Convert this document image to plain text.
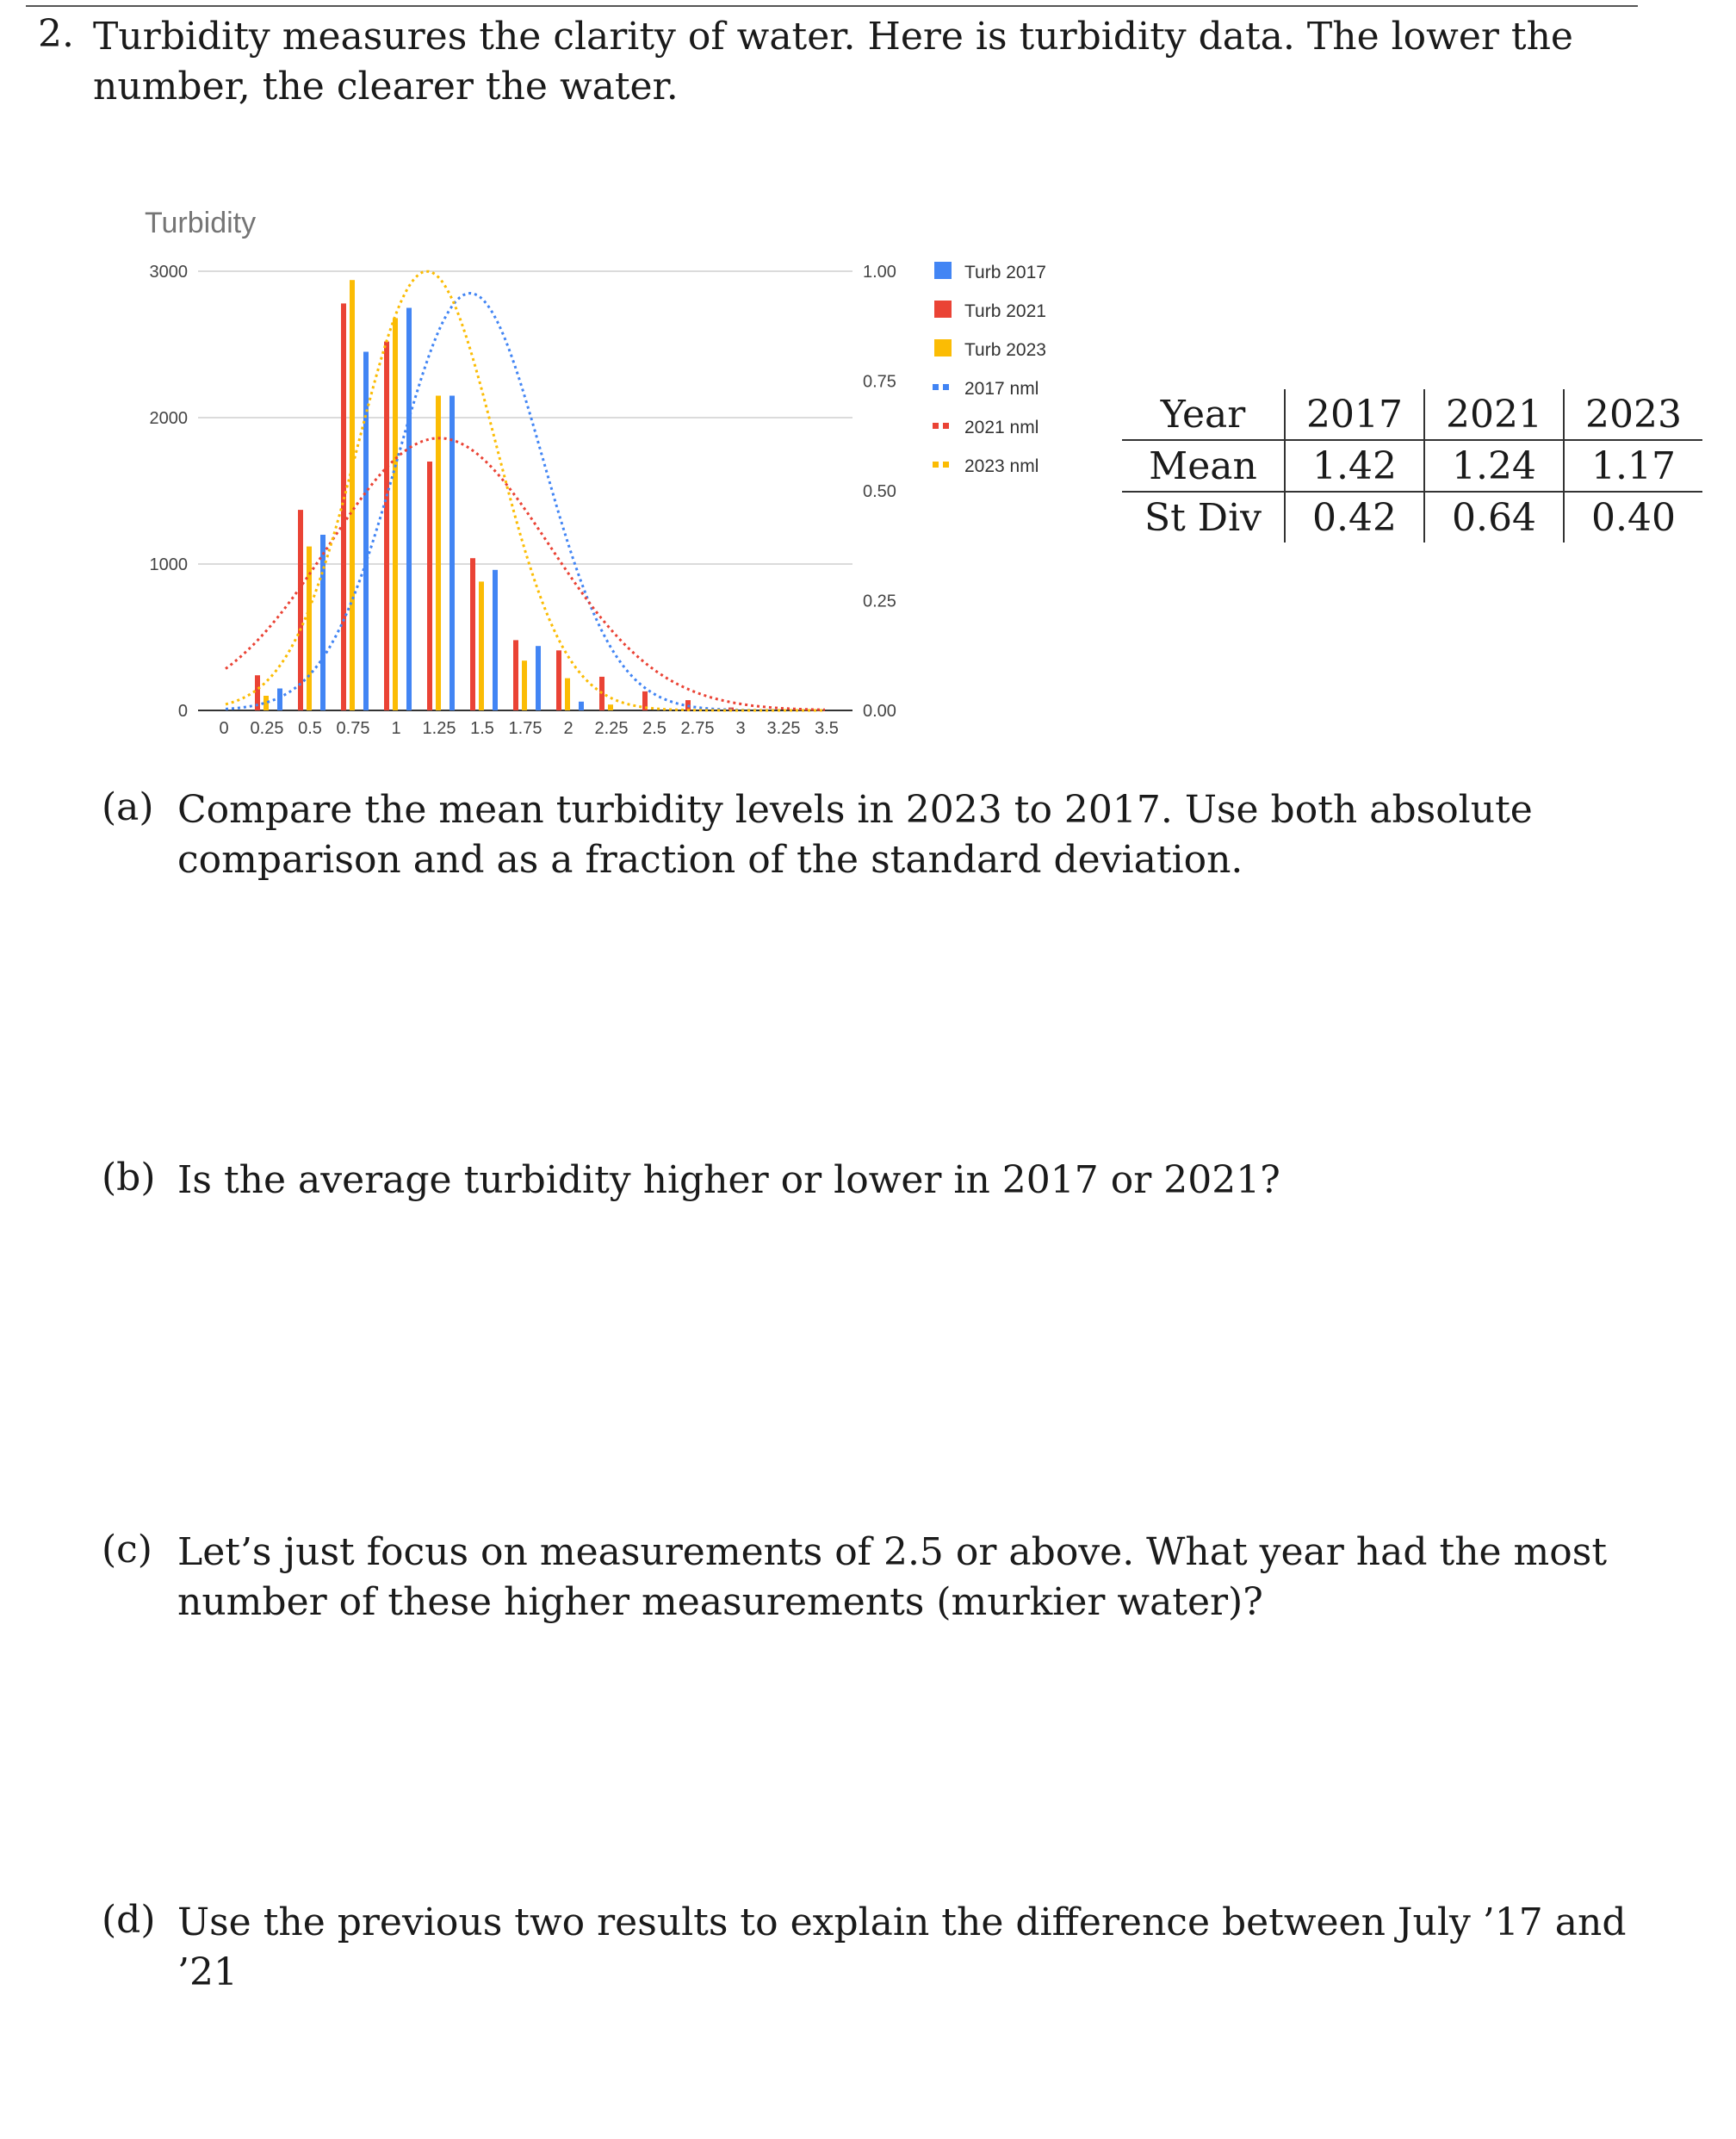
2. Turbidity measures the clarity of water. Here is turbidity data. The lower the number, the clearer the water.
Turbidity
0
1000
2000
3000
0.00
0.25
0.50
0.75
1.00
0 0.25 0.5 0.75 1 1.25 1.5 1.75 2 2.25 2.5 2.75 3 3.25 3.5
Turb 2017
Turb 2021
Turb 2023
2017 nml
2021 nml
2023 nml
Year	2017	2021	2023
Mean	1.42	1.24	1.17
St Div	0.42	0.64	0.40
(a) Compare the mean turbidity levels in 2023 to 2017. Use both absolute comparison and as a fraction of the standard deviation.
(b) Is the average turbidity higher or lower in 2017 or 2021?
(c) Let’s just focus on measurements of 2.5 or above. What year had the most number of these higher measurements (murkier water)?
(d) Use the previous two results to explain the difference between July ’17 and ’21
